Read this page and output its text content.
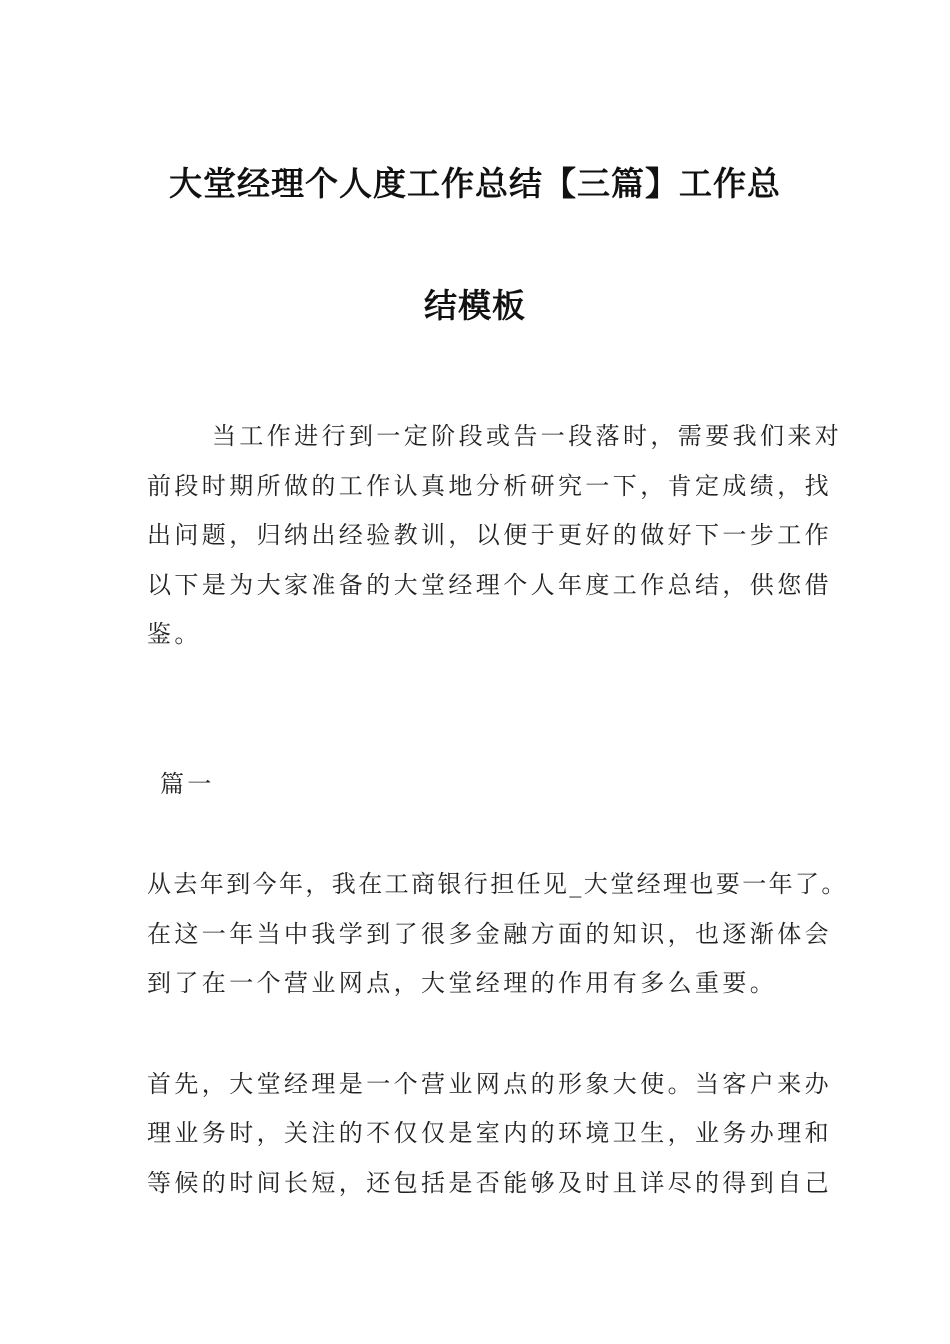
大堂经理个人度工作总结【三篇】工作总
结模板
当工作进行到一定阶段或告一段落时，需要我们来对
前段时期所做的工作认真地分析研究一下，肯定成绩，找
出问题，归纳出经验教训，以便于更好的做好下一步工作
以下是为大家准备的大堂经理个人年度工作总结，供您借
鉴。
篇一
从去年到今年，我在工商银行担任见_大堂经理也要一年了。
在这一年当中我学到了很多金融方面的知识，也逐渐体会
到了在一个营业网点，大堂经理的作用有多么重要。
首先，大堂经理是一个营业网点的形象大使。当客户来办
理业务时，关注的不仅仅是室内的环境卫生，业务办理和
等候的时间长短，还包括是否能够及时且详尽的得到自己
